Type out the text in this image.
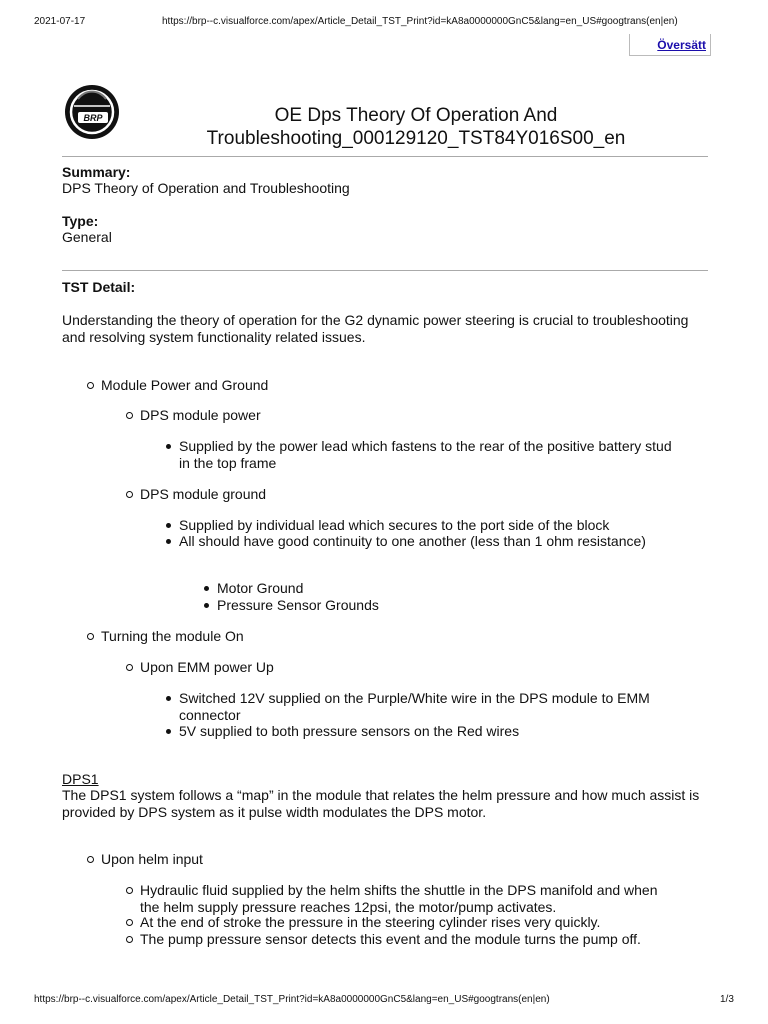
2021-07-17	https://brp--c.visualforce.com/apex/Article_Detail_TST_Print?id=kA8a0000000GnC5&lang=en_US#googtrans(en|en)
Översätt
BRP	OE Dps Theory Of Operation And Troubleshooting_000129120_TST84Y016S00_en
Summary:
DPS Theory of Operation and Troubleshooting
Type:
General
TST Detail:
Understanding the theory of operation for the G2 dynamic power steering is crucial to troubleshooting and resolving system functionality related issues.
Module Power and Ground
DPS module power
Supplied by the power lead which fastens to the rear of the positive battery stud in the top frame
DPS module ground
Supplied by individual lead which secures to the port side of the block
All should have good continuity to one another (less than 1 ohm resistance)
Motor Ground
Pressure Sensor Grounds
Turning the module On
Upon EMM power Up
Switched 12V supplied on the Purple/White wire in the DPS module to EMM connector
5V supplied to both pressure sensors on the Red wires
DPS1
The DPS1 system follows a “map” in the module that relates the helm pressure and how much assist is provided by DPS system as it pulse width modulates the DPS motor.
Upon helm input
Hydraulic fluid supplied by the helm shifts the shuttle in the DPS manifold and when the helm supply pressure reaches 12psi, the motor/pump activates.
At the end of stroke the pressure in the steering cylinder rises very quickly.
The pump pressure sensor detects this event and the module turns the pump off.
https://brp--c.visualforce.com/apex/Article_Detail_TST_Print?id=kA8a0000000GnC5&lang=en_US#googtrans(en|en)	1/3
